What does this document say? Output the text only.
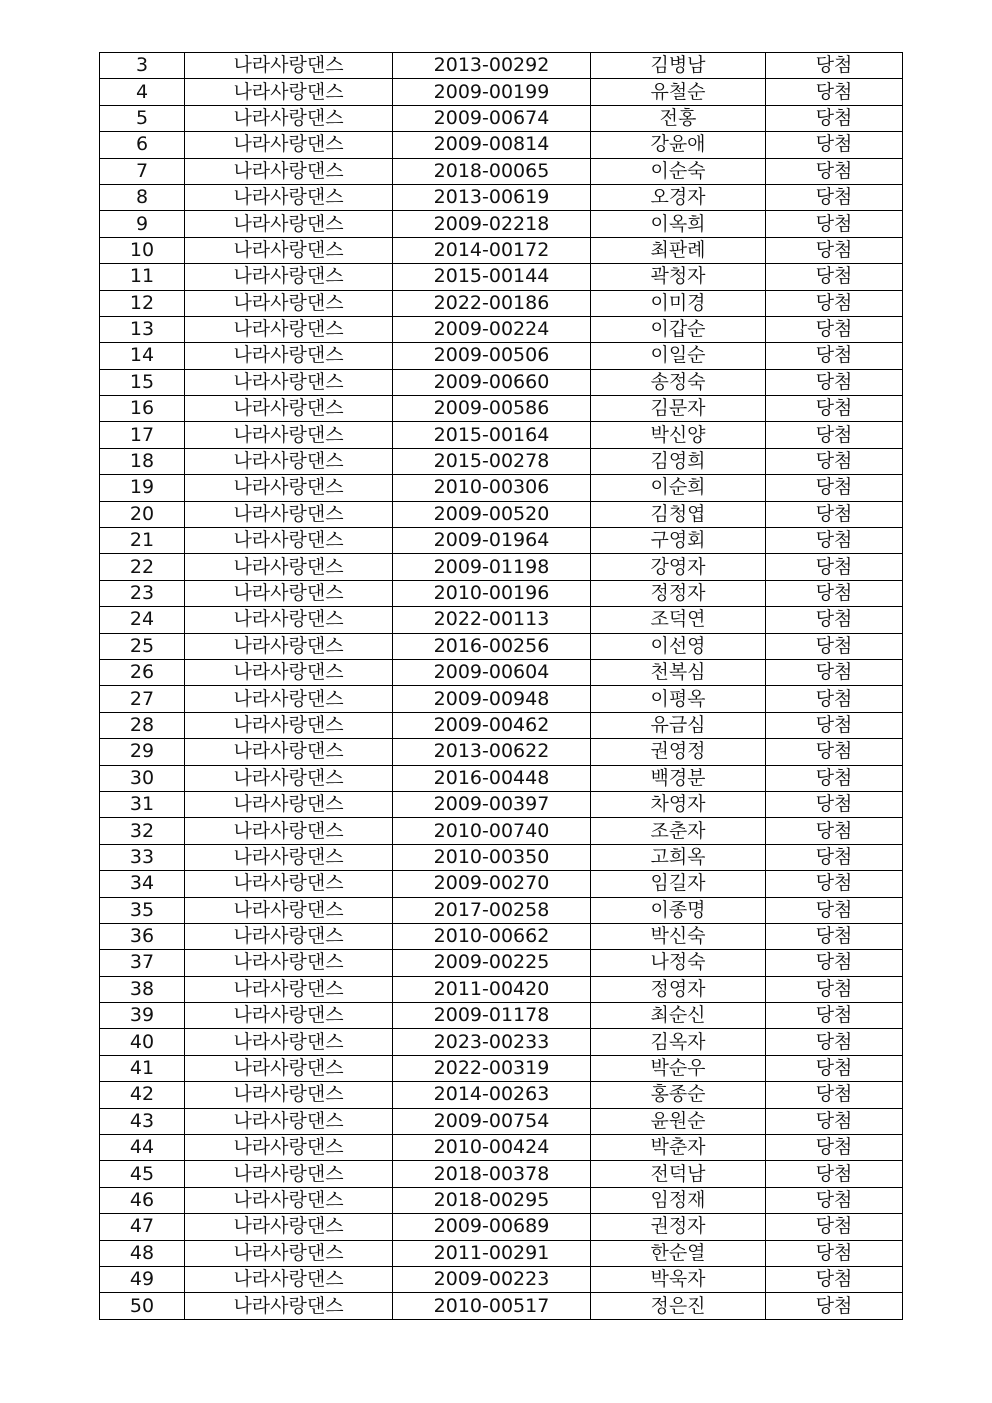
3	나라사랑댄스	2013-00292	김병남	당첨
4	나라사랑댄스	2009-00199	유철순	당첨
5	나라사랑댄스	2009-00674	전홍	당첨
6	나라사랑댄스	2009-00814	강윤애	당첨
7	나라사랑댄스	2018-00065	이순숙	당첨
8	나라사랑댄스	2013-00619	오경자	당첨
9	나라사랑댄스	2009-02218	이옥희	당첨
10	나라사랑댄스	2014-00172	최판례	당첨
11	나라사랑댄스	2015-00144	곽청자	당첨
12	나라사랑댄스	2022-00186	이미경	당첨
13	나라사랑댄스	2009-00224	이갑순	당첨
14	나라사랑댄스	2009-00506	이일순	당첨
15	나라사랑댄스	2009-00660	송정숙	당첨
16	나라사랑댄스	2009-00586	김문자	당첨
17	나라사랑댄스	2015-00164	박신양	당첨
18	나라사랑댄스	2015-00278	김영희	당첨
19	나라사랑댄스	2010-00306	이순희	당첨
20	나라사랑댄스	2009-00520	김청엽	당첨
21	나라사랑댄스	2009-01964	구영회	당첨
22	나라사랑댄스	2009-01198	강영자	당첨
23	나라사랑댄스	2010-00196	정정자	당첨
24	나라사랑댄스	2022-00113	조덕연	당첨
25	나라사랑댄스	2016-00256	이선영	당첨
26	나라사랑댄스	2009-00604	천복심	당첨
27	나라사랑댄스	2009-00948	이평옥	당첨
28	나라사랑댄스	2009-00462	유금심	당첨
29	나라사랑댄스	2013-00622	권영정	당첨
30	나라사랑댄스	2016-00448	백경분	당첨
31	나라사랑댄스	2009-00397	차영자	당첨
32	나라사랑댄스	2010-00740	조춘자	당첨
33	나라사랑댄스	2010-00350	고희옥	당첨
34	나라사랑댄스	2009-00270	임길자	당첨
35	나라사랑댄스	2017-00258	이종명	당첨
36	나라사랑댄스	2010-00662	박신숙	당첨
37	나라사랑댄스	2009-00225	나정숙	당첨
38	나라사랑댄스	2011-00420	정영자	당첨
39	나라사랑댄스	2009-01178	최순신	당첨
40	나라사랑댄스	2023-00233	김옥자	당첨
41	나라사랑댄스	2022-00319	박순우	당첨
42	나라사랑댄스	2014-00263	홍종순	당첨
43	나라사랑댄스	2009-00754	윤원순	당첨
44	나라사랑댄스	2010-00424	박춘자	당첨
45	나라사랑댄스	2018-00378	전덕남	당첨
46	나라사랑댄스	2018-00295	임정재	당첨
47	나라사랑댄스	2009-00689	권정자	당첨
48	나라사랑댄스	2011-00291	한순열	당첨
49	나라사랑댄스	2009-00223	박욱자	당첨
50	나라사랑댄스	2010-00517	정은진	당첨
